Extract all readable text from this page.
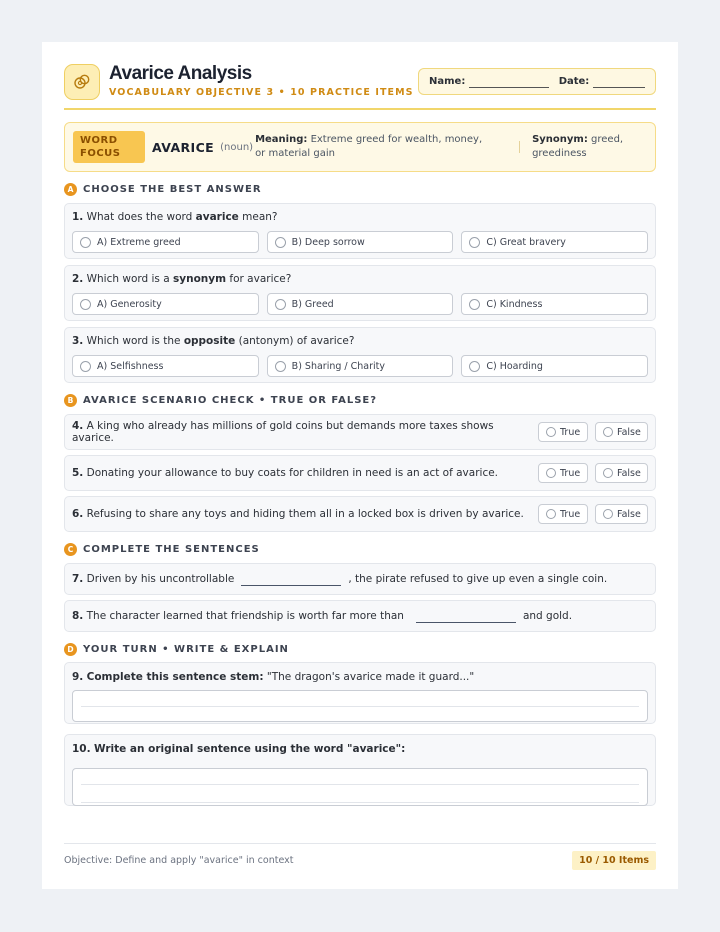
Avarice Analysis
VOCABULARY OBJECTIVE 3 • 10 PRACTICE ITEMS
Name:	Date:
WORD
FOCUS	AVARICE (noun)
Meaning: Extreme greed for wealth, money, or material gain
Synonym: greed, greediness
A CHOOSE THE BEST ANSWER
1. What does the word avarice mean?
A) Extreme greed	B) Deep sorrow	C) Great bravery
2. Which word is a synonym for avarice?
A) Generosity	B) Greed	C) Kindness
3. Which word is the opposite (antonym) of avarice?
A) Selfishness	B) Sharing / Charity	C) Hoarding
B AVARICE SCENARIO CHECK • TRUE OR FALSE?
4. A king who already has millions of gold coins but demands more taxes shows avarice.	True	False
5. Donating your allowance to buy coats for children in need is an act of avarice.	True	False
6. Refusing to share any toys and hiding them all in a locked box is driven by avarice.	True	False
C COMPLETE THE SENTENCES
7.
Driven by his uncontrollable	, the pirate refused to give up even a single coin.
8.
The character learned that friendship is worth far more than	and gold.
D YOUR TURN • WRITE & EXPLAIN
9. Complete this sentence stem: "The dragon's avarice made it guard..."
10. Write an original sentence using the word "avarice":
Objective: Define and apply "avarice" in context	10 / 10 Items
